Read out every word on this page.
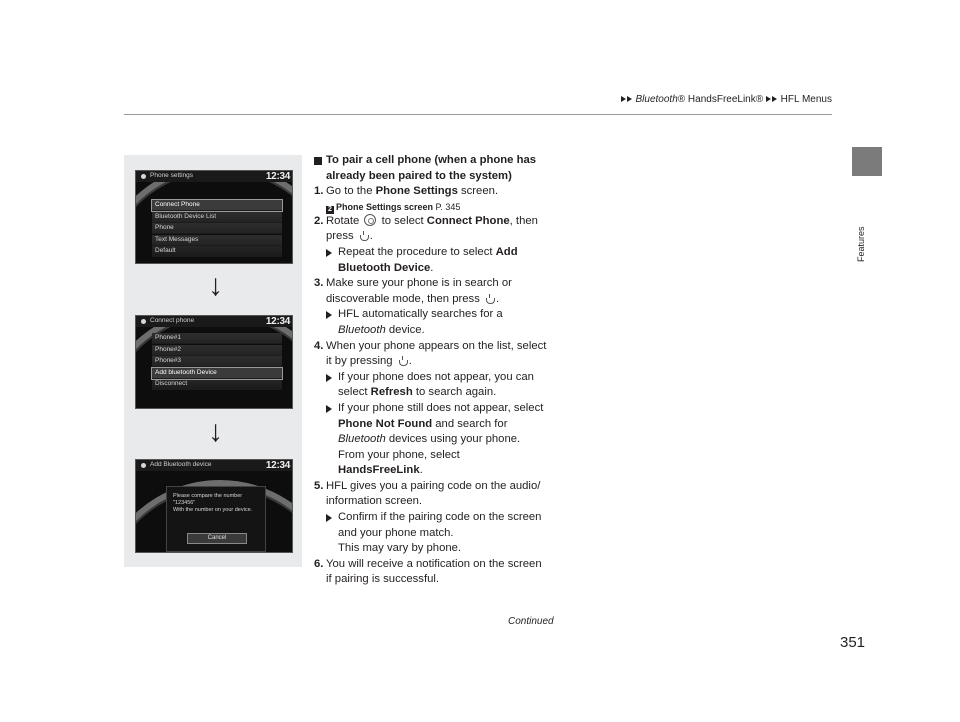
Bluetooth® HandsFreeLink® HFL Menus
Features
Phone settings	12:34
Connect Phone
Bluetooth Device List
Phone
Text Messages
Default
↓
Connect phone	12:34
Phone#1
Phone#2
Phone#3
Add bluetooth Device
Disconnect
↓
Add Bluetooth device	12:34
Please compare the number
"123456"
With the number on your device.
Cancel
To pair a cell phone (when a phone has
already been paired to the system)
1. Go to the Phone Settings screen.
2 Phone Settings screen P. 345
2. Rotate  to select Connect Phone, then
press .
Repeat the procedure to select Add
Bluetooth Device.
3. Make sure your phone is in search or
discoverable mode, then press .
HFL automatically searches for a
Bluetooth device.
4. When your phone appears on the list, select
it by pressing .
If your phone does not appear, you can
select Refresh to search again.
If your phone still does not appear, select
Phone Not Found and search for
Bluetooth devices using your phone.
From your phone, select
HandsFreeLink.
5. HFL gives you a pairing code on the audio/
information screen.
Confirm if the pairing code on the screen
and your phone match.
This may vary by phone.
6. You will receive a notification on the screen
if pairing is successful.
Continued
351
